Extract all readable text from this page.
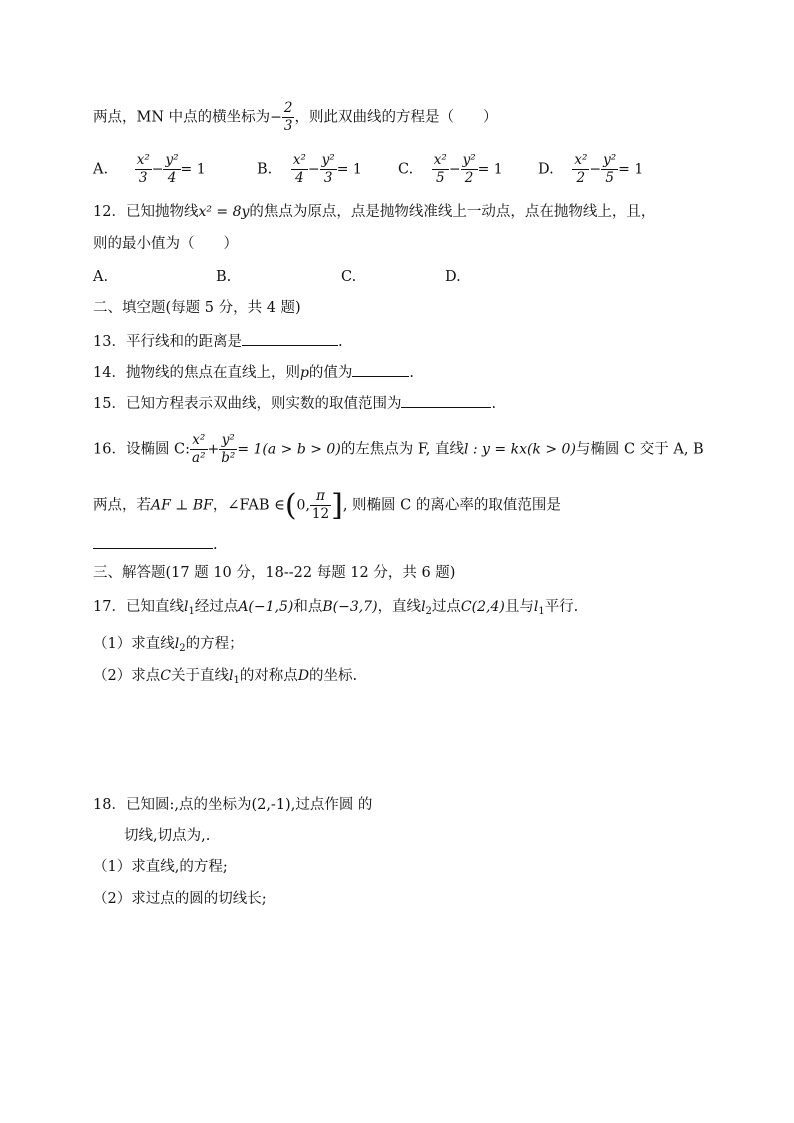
两点，MN 中点的横坐标为− $\frac{2}{3}$ ，则此双曲线的方程是（　　）
A. $\frac{\text{x²}}{3} - \frac{\text{y²}}{4} = 1$	B. $\frac{\text{x²}}{4} - \frac{\text{y²}}{3} = 1$ C. $\frac{\text{x²}}{5} - \frac{\text{y²}}{2} = 1$ D. $\frac{\text{x²}}{2} - \frac{\text{y²}}{5} = 1$
12．已知抛物线x² = 8y的焦点为原点，点是抛物线准线上一动点，点在抛物线上，且，
则的最小值为（　　）
A.	B.	C.	D.
二、填空题(每题 5 分，共 4 题)
13．平行线和的距离是	.
14．抛物线的焦点在直线上，则p的值为	.
15．已知方程表示双曲线，则实数的取值范围为	.
16．设椭圆 C: $\frac{\text{x²}}{\text{a²}} + \frac{\text{y²}}{\text{b²}} = 1(a > b > 0)$的左焦点为 F, 直线l : y = kx(k > 0)与椭圆 C 交于 A, B
两点，若AF ⊥ BF，∠FAB ∈(0, $\frac{\pi}{12}$ ], 则椭圆 C 的离心率的取值范围是
.
三、解答题(17 题 10 分，18--22 每题 12 分，共 6 题)
17．已知直线$l_1$经过点A(−1,5)和点B(−3,7)，直线$l_2$过点C(2,4)且与$l_1$平行.
（1）求直线$l_2$的方程；
（2）求点C关于直线$l_1$的对称点D的坐标.
18．已知圆:,点的坐标为(2,-1),过点作圆 的
切线,切点为,.
（1）求直线,的方程;
（2）求过点的圆的切线长;
